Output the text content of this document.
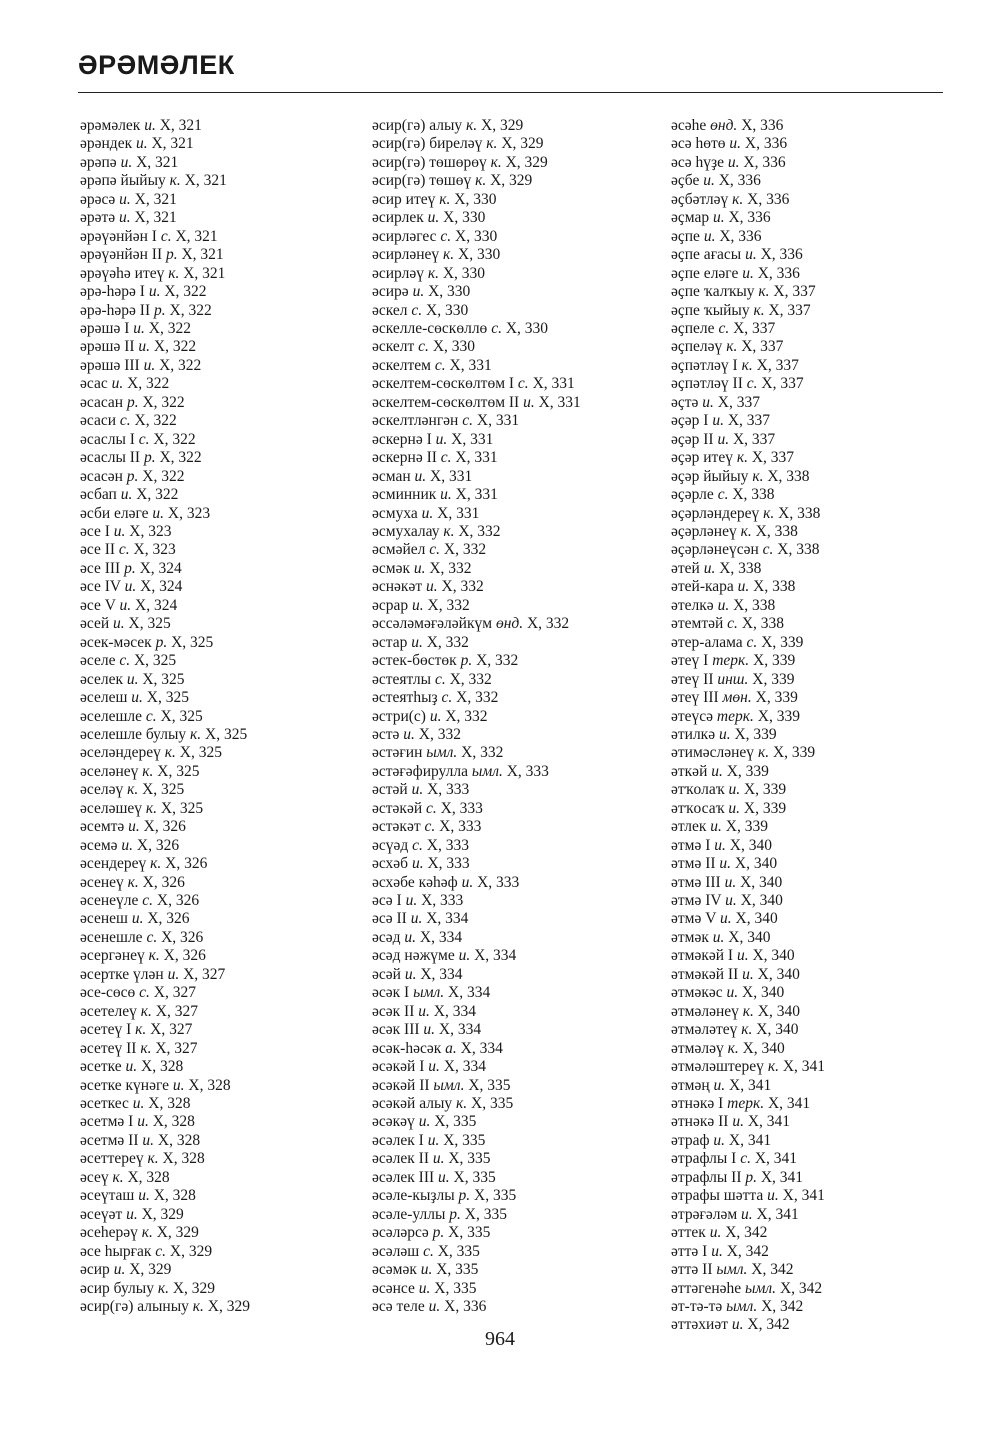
ӘРӘМӘЛЕК
әрәмәлек и. X, 321
әрәндек и. X, 321
әрәпә и. X, 321
әрәпә йыйыу к. X, 321
әрәсә и. X, 321
әрәтә и. X, 321
әрәүәнйән I с. X, 321
әрәүәнйән II р. X, 321
әрәүәһә итеү к. X, 321
әрә-һәрә I и. X, 322
әрә-һәрә II р. X, 322
әрәшә I и. X, 322
әрәшә II и. X, 322
әрәшә III и. X, 322
әсас и. X, 322
әсасан р. X, 322
әсаси с. X, 322
әсаслы I с. X, 322
әсаслы II р. X, 322
әсасән р. X, 322
әсбап и. X, 322
әсби еләге и. X, 323
әсе I и. X, 323
әсе II с. X, 323
әсе III р. X, 324
әсе IV и. X, 324
әсе V и. X, 324
әсей и. X, 325
әсек-мәсек р. X, 325
әселе с. X, 325
әселек и. X, 325
әселеш и. X, 325
әселешле с. X, 325
әселешле булыу к. X, 325
әселәндереү к. X, 325
әселәнеү к. X, 325
әселәү к. X, 325
әселәшеү к. X, 325
әсемтә и. X, 326
әсемә и. X, 326
әсендереү к. X, 326
әсенеү к. X, 326
әсенеүле с. X, 326
әсенеш и. X, 326
әсенешле с. X, 326
әсергәнеү к. X, 326
әсертке үлән и. X, 327
әсе-сөсө с. X, 327
әсетелеү к. X, 327
әсетеү I к. X, 327
әсетеү II к. X, 327
әсетке и. X, 328
әсетке күнәге и. X, 328
әсеткес и. X, 328
әсетмә I и. X, 328
әсетмә II и. X, 328
әсеттереү к. X, 328
әсеү к. X, 328
әсеүташ и. X, 328
әсеүәт и. X, 329
әсеһерәү к. X, 329
әсе һырғак с. X, 329
әсир и. X, 329
әсир булыу к. X, 329
әсир(гә) алыныу к. X, 329
әсир(гә) алыу к. X, 329
әсир(гә) биреләү к. X, 329
әсир(гә) төшөрөү к. X, 329
әсир(гә) төшөү к. X, 329
әсир итеү к. X, 330
әсирлек и. X, 330
әсирләгес с. X, 330
әсирләнеү к. X, 330
әсирләү к. X, 330
әсирә и. X, 330
әскел с. X, 330
әскелле-сөскөллө с. X, 330
әскелт с. X, 330
әскелтем с. X, 331
әскелтем-сөскөлтөм I с. X, 331
әскелтем-сөскөлтөм II и. X, 331
әскелтләнгән с. X, 331
әскернә I и. X, 331
әскернә II с. X, 331
әсман и. X, 331
әсминник и. X, 331
әсмуха и. X, 331
әсмухалау к. X, 332
әсмәйел с. X, 332
әсмәк и. X, 332
әснәкәт и. X, 332
әсрар и. X, 332
әссәләмәғәләйкүм өнд. X, 332
әстар и. X, 332
әстек-бөстөк р. X, 332
әстеятлы с. X, 332
әстеятһыҙ с. X, 332
әстри(с) и. X, 332
әстә и. X, 332
әстәғин ымл. X, 332
әстәғәфирулла ымл. X, 333
әстәй и. X, 333
әстәкәй с. X, 333
әстәкәт с. X, 333
әсүәд с. X, 333
әсхәб и. X, 333
әсхәбе кәһәф и. X, 333
әсә I и. X, 333
әсә II и. X, 334
әсәд и. X, 334
әсәд нәжүме и. X, 334
әсәй и. X, 334
әсәк I ымл. X, 334
әсәк II и. X, 334
әсәк III и. X, 334
әсәк-һәсәк а. X, 334
әсәкәй I и. X, 334
әсәкәй II ымл. X, 335
әсәкәй алыу к. X, 335
әсәкәү и. X, 335
әсәлек I и. X, 335
әсәлек II и. X, 335
әсәлек III и. X, 335
әсәле-кыҙлы р. X, 335
әсәле-уллы р. X, 335
әсәләрсә р. X, 335
әсәләш с. X, 335
әсәмәк и. X, 335
әсәнсе и. X, 335
әсә теле и. X, 336
әсәһе өнд. X, 336
әсә һөтө и. X, 336
әсә һүҙе и. X, 336
әҫбе и. X, 336
әҫбәтләү к. X, 336
әҫмар и. X, 336
әҫпе и. X, 336
әҫпе ағасы и. X, 336
әҫпе еләге и. X, 336
әҫпе ҡалҡыу к. X, 337
әҫпе ҡыйыу к. X, 337
әҫпеле с. X, 337
әҫпеләү к. X, 337
әҫпәтләү I к. X, 337
әҫпәтләү II с. X, 337
әҫтә и. X, 337
әҫәр I и. X, 337
әҫәр II и. X, 337
әҫәр итеү к. X, 337
әҫәр йыйыу к. X, 338
әҫәрле с. X, 338
әҫәрләндереү к. X, 338
әҫәрләнеү к. X, 338
әҫәрләнеүсән с. X, 338
әтей и. X, 338
әтей-кара и. X, 338
әтелкә и. X, 338
әтемтәй с. X, 338
әтер-алама с. X, 339
әтеү I терк. X, 339
әтеү II инш. X, 339
әтеү III мөн. X, 339
әтеүсә терк. X, 339
әтилкә и. X, 339
әтимәсләнеү к. X, 339
әткәй и. X, 339
әтҡолаҡ и. X, 339
әтҡосаҡ и. X, 339
әтлек и. X, 339
әтмә I и. X, 340
әтмә II и. X, 340
әтмә III и. X, 340
әтмә IV и. X, 340
әтмә V и. X, 340
әтмәк и. X, 340
әтмәкәй I и. X, 340
әтмәкәй II и. X, 340
әтмәкәс и. X, 340
әтмәләнеү к. X, 340
әтмәләтеү к. X, 340
әтмәләү к. X, 340
әтмәләштереү к. X, 341
әтмәң и. X, 341
әтнәкә I терк. X, 341
әтнәкә II и. X, 341
әтраф и. X, 341
әтрафлы I с. X, 341
әтрафлы II р. X, 341
әтрафы шәтта и. X, 341
әтрәғәләм и. X, 341
әттек и. X, 342
әттә I и. X, 342
әттә II ымл. X, 342
әттәгенәһе ымл. X, 342
әт-тә-тә ымл. X, 342
әттәхиәт и. X, 342
964
